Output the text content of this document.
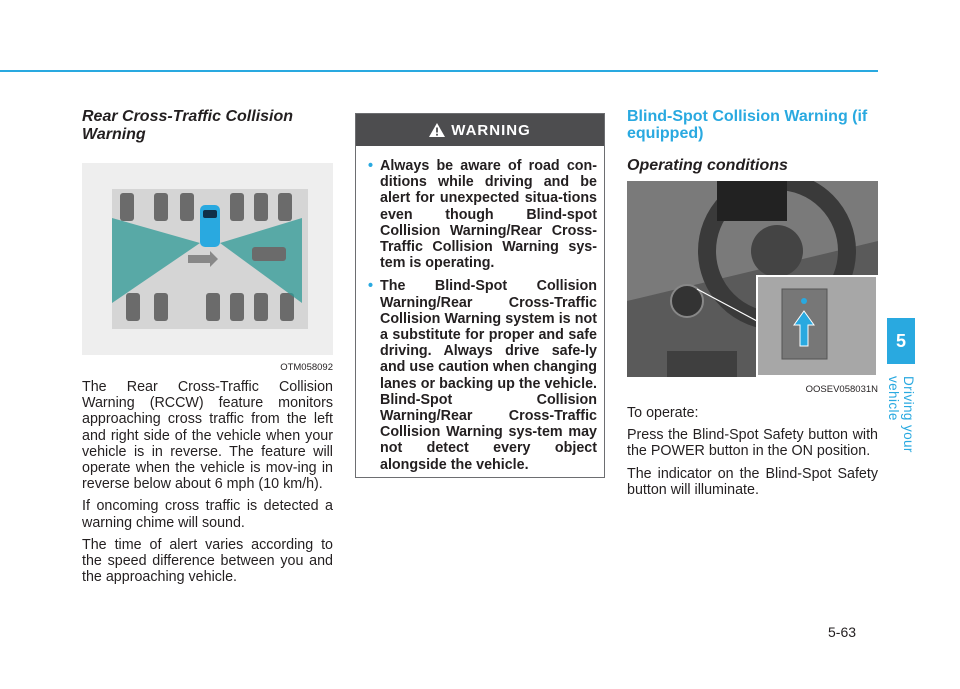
5
Driving your vehicle
Rear Cross-Traffic Collision Warning
OTM058092

The Rear Cross-Traffic Collision Warning (RCCW) feature monitors approaching cross traffic from the left and right side of the vehicle when your vehicle is in reverse. The feature will operate when the vehicle is mov-ing in reverse below about 6 mph (10 km/h).

If oncoming cross traffic is detected a warning chime will sound.

The time of alert varies according to the speed difference between you and the approaching vehicle.

WARNING
• Always be aware of road con-ditions while driving and be alert for unexpected situa-tions even though Blind-spot Collision Warning/Rear Cross-Traffic Collision Warning sys-tem is operating.
• The Blind-Spot Collision Warning/Rear Cross-Traffic Collision Warning system is not a substitute for proper and safe driving. Always drive safe-ly and use caution when changing lanes or backing up the vehicle. Blind-Spot Collision Warning/Rear Cross-Traffic Collision Warning sys-tem may not detect every object alongside the vehicle.
Blind-Spot Collision Warning (if equipped)
Operating conditions
OOSEV058031N

To operate:

Press the Blind-Spot Safety button with the POWER button in the ON position.

The indicator on the Blind-Spot Safety button will illuminate.

5-63
